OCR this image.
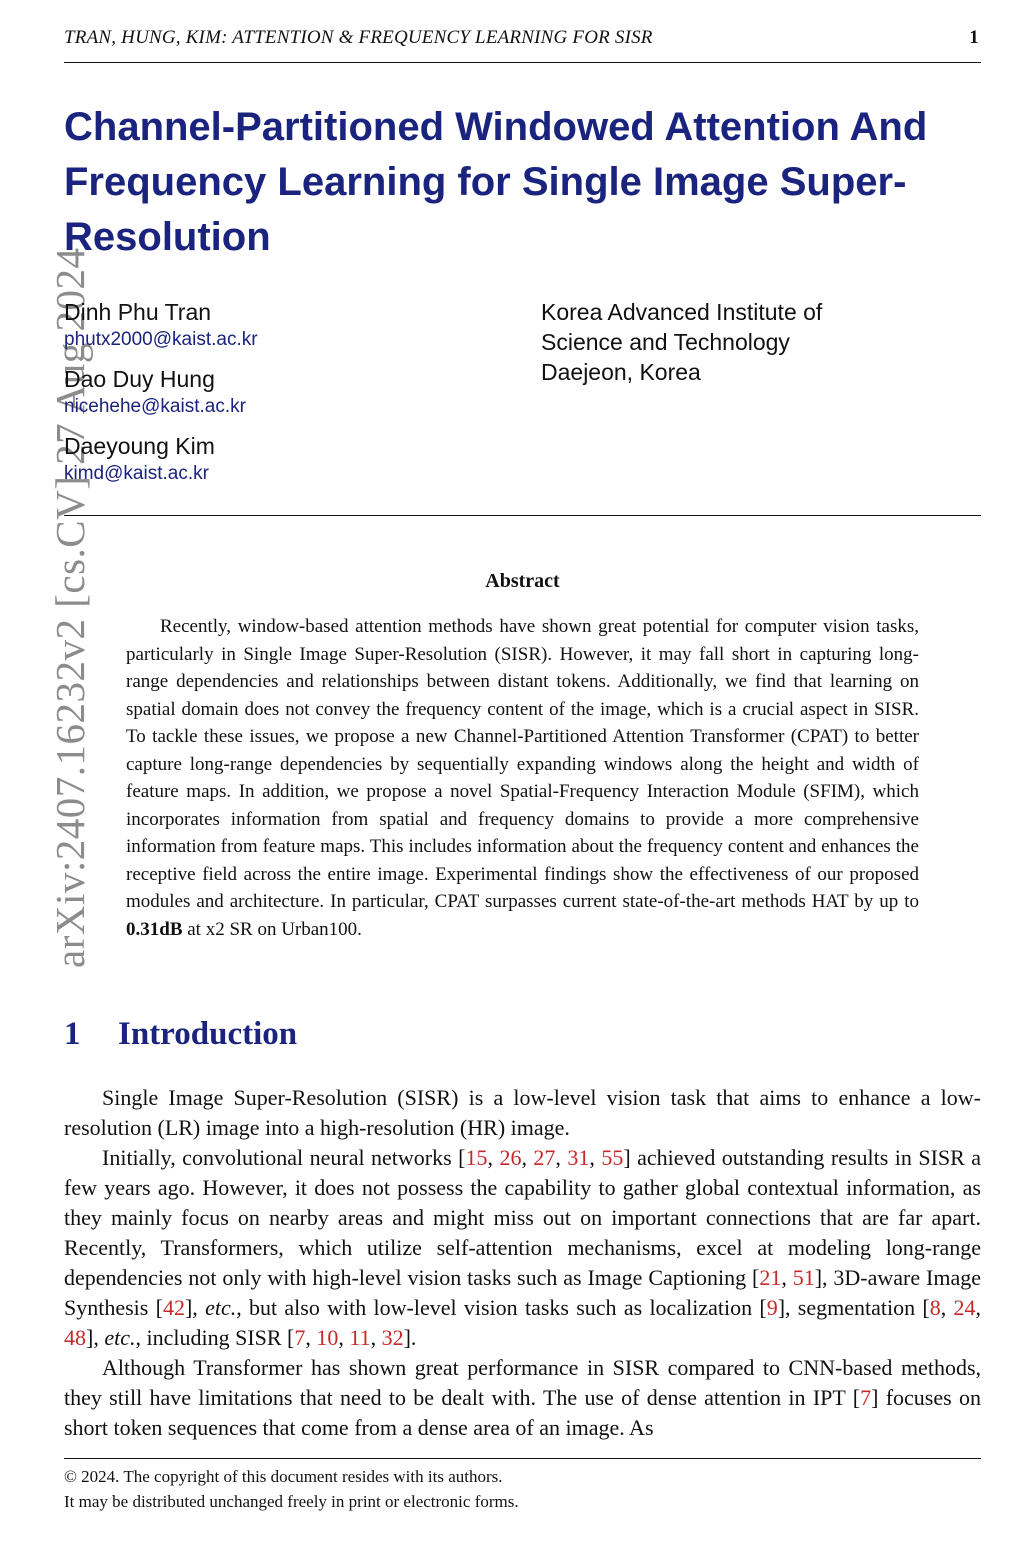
TRAN, HUNG, KIM: ATTENTION & FREQUENCY LEARNING FOR SISR	1
arXiv:2407.16232v2 [cs.CV] 27 Aug 2024
Channel-Partitioned Windowed Attention And Frequency Learning for Single Image Super-Resolution
Dinh Phu Tran
phutx2000@kaist.ac.kr
Dao Duy Hung
nicehehe@kaist.ac.kr
Daeyoung Kim
kimd@kaist.ac.kr
Korea Advanced Institute of
Science and Technology
Daejeon, Korea
Abstract

Recently, window-based attention methods have shown great potential for computer vision tasks, particularly in Single Image Super-Resolution (SISR). However, it may fall short in capturing long-range dependencies and relationships between distant tokens. Additionally, we find that learning on spatial domain does not convey the frequency content of the image, which is a crucial aspect in SISR. To tackle these issues, we propose a new Channel-Partitioned Attention Transformer (CPAT) to better capture long-range dependencies by sequentially expanding windows along the height and width of feature maps. In addition, we propose a novel Spatial-Frequency Interaction Module (SFIM), which incorporates information from spatial and frequency domains to provide a more comprehensive information from feature maps. This includes information about the frequency content and enhances the receptive field across the entire image. Experimental findings show the effectiveness of our proposed modules and architecture. In particular, CPAT surpasses current state-of-the-art methods HAT by up to 0.31dB at x2 SR on Urban100.

1 Introduction

Single Image Super-Resolution (SISR) is a low-level vision task that aims to enhance a low-resolution (LR) image into a high-resolution (HR) image.

Initially, convolutional neural networks [15, 26, 27, 31, 55] achieved outstanding results in SISR a few years ago. However, it does not possess the capability to gather global contextual information, as they mainly focus on nearby areas and might miss out on important connections that are far apart. Recently, Transformers, which utilize self-attention mechanisms, excel at modeling long-range dependencies not only with high-level vision tasks such as Image Captioning [21, 51], 3D-aware Image Synthesis [42], etc., but also with low-level vision tasks such as localization [9], segmentation [8, 24, 48], etc., including SISR [7, 10, 11, 32].

Although Transformer has shown great performance in SISR compared to CNN-based methods, they still have limitations that need to be dealt with. The use of dense attention in IPT [7] focuses on short token sequences that come from a dense area of an image. As

© 2024. The copyright of this document resides with its authors.
It may be distributed unchanged freely in print or electronic forms.
